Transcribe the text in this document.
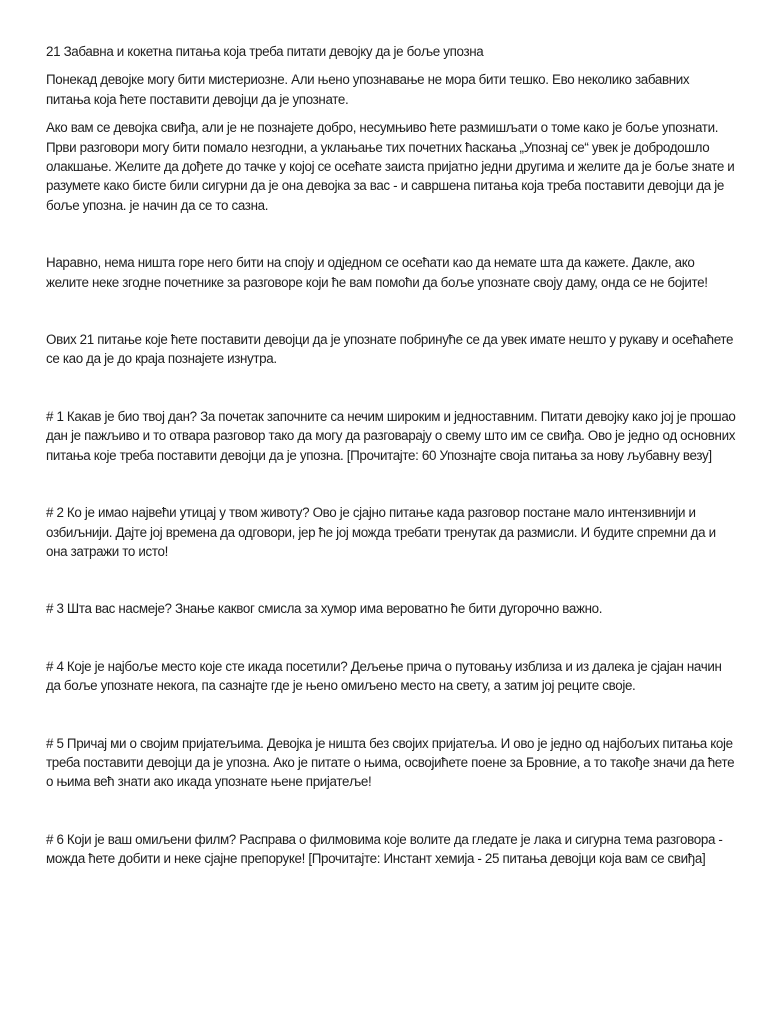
21 Забавна и кокетна питања која треба питати девојку да је боље упозна

Понекад девојке могу бити мистериозне. Али њено упознавање не мора бити тешко. Ево неколико забавних питања која ћете поставити девојци да је упознате.

Ако вам се девојка свиђа, али је не познајете добро, несумњиво ћете размишљати о томе како је боље упознати. Први разговори могу бити помало незгодни, а уклањање тих почетних ћаскања „Упознај се“ увек је добродошло олакшање. Желите да дођете до тачке у којој се осећате заиста пријатно једни другима и желите да је боље знате и разумете како бисте били сигурни да је она девојка за вас - и савршена питања која треба поставити девојци да је боље упозна. је начин да се то сазна.

Наравно, нема ништа горе него бити на споју и одједном се осећати као да немате шта да кажете. Дакле, ако желите неке згодне почетнике за разговоре који ће вам помоћи да боље упознате своју даму, онда се не бојите!

Ових 21 питање које ћете поставити девојци да је упознате побринуће се да увек имате нешто у рукаву и осећаћете се као да је до краја познајете изнутра.

# 1 Какав је био твој дан? За почетак започните са нечим широким и једноставним. Питати девојку како јој је прошао дан је пажљиво и то отвара разговор тако да могу да разговарају о свему што им се свиђа. Ово је једно од основних питања које треба поставити девојци да је упозна. [Прочитајте: 60 Упознајте своја питања за нову љубавну везу]

# 2 Ко је имао највећи утицај у твом животу? Ово је сјајно питање када разговор постане мало интензивнији и озбиљнији. Дајте јој времена да одговори, јер ће јој можда требати тренутак да размисли. И будите спремни да и она затражи то исто!

# 3 Шта вас насмеје? Знање каквог смисла за хумор има вероватно ће бити дугорочно важно.

# 4 Које је најбоље место које сте икада посетили? Дељење прича о путовању изблиза и из далека је сјајан начин да боље упознате некога, па сазнајте где је њено омиљено место на свету, а затим јој реците своје.

# 5 Причај ми о својим пријатељима. Девојка је ништа без својих пријатеља. И ово је једно од најбољих питања које треба поставити девојци да је упозна. Ако је питате о њима, освојићете поене за Бровние, а то такође значи да ћете о њима већ знати ако икада упознате њене пријатеље!

# 6 Који је ваш омиљени филм? Расправа о филмовима које волите да гледате је лака и сигурна тема разговора - можда ћете добити и неке сјајне препоруке! [Прочитајте: Инстант хемија - 25 питања девојци која вам се свиђа]
